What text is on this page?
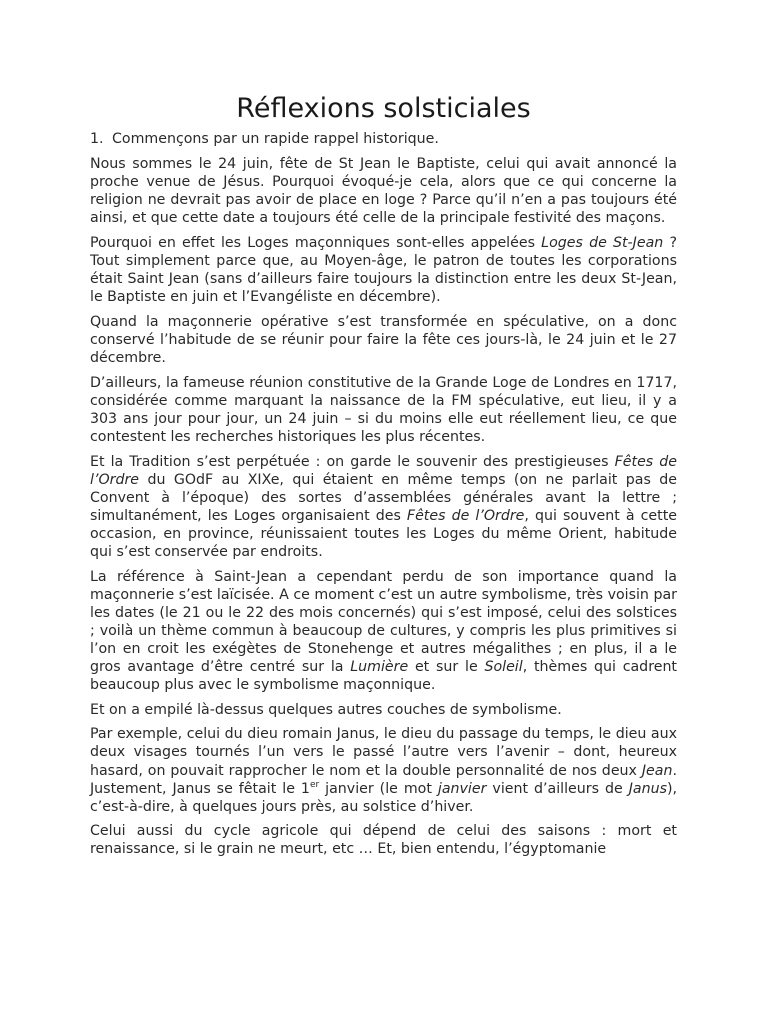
Réflexions solsticiales
1. Commençons par un rapide rappel historique.

Nous sommes le 24 juin, fête de St Jean le Baptiste, celui qui avait annoncé la proche venue de Jésus. Pourquoi évoqué-je cela, alors que ce qui concerne la religion ne devrait pas avoir de place en loge ? Parce qu’il n’en a pas toujours été ainsi, et que cette date a toujours été celle de la principale festivité des maçons.

Pourquoi en effet les Loges maçonniques sont-elles appelées Loges de St-Jean ? Tout simplement parce que, au Moyen-âge, le patron de toutes les corporations était Saint Jean (sans d’ailleurs faire toujours la distinction entre les deux St-Jean, le Baptiste en juin et l’Evangéliste en décembre).

Quand la maçonnerie opérative s’est transformée en spéculative, on a donc conservé l’habitude de se réunir pour faire la fête ces jours-là, le 24 juin et le 27 décembre.

D’ailleurs, la fameuse réunion constitutive de la Grande Loge de Londres en 1717, considérée comme marquant la naissance de la FM spéculative, eut lieu, il y a 303 ans jour pour jour, un 24 juin – si du moins elle eut réellement lieu, ce que contestent les recherches historiques les plus récentes.

Et la Tradition s’est perpétuée : on garde le souvenir des prestigieuses Fêtes de l’Ordre du GOdF au XIXe, qui étaient en même temps (on ne parlait pas de Convent à l’époque) des sortes d’assemblées générales avant la lettre ; simultanément, les Loges organisaient des Fêtes de l’Ordre, qui souvent à cette occasion, en province, réunissaient toutes les Loges du même Orient, habitude qui s’est conservée par endroits.

La référence à Saint-Jean a cependant perdu de son importance quand la maçonnerie s’est laïcisée. A ce moment c’est un autre symbolisme, très voisin par les dates (le 21 ou le 22 des mois concernés) qui s’est imposé, celui des solstices ; voilà un thème commun à beaucoup de cultures, y compris les plus primitives si l’on en croit les exégètes de Stonehenge et autres mégalithes ; en plus, il a le gros avantage d’être centré sur la Lumière et sur le Soleil, thèmes qui cadrent beaucoup plus avec le symbolisme maçonnique.

Et on a empilé là-dessus quelques autres couches de symbolisme.

Par exemple, celui du dieu romain Janus, le dieu du passage du temps, le dieu aux deux visages tournés l’un vers le passé l’autre vers l’avenir – dont, heureux hasard, on pouvait rapprocher le nom et la double personnalité de nos deux Jean. Justement, Janus se fêtait le 1er janvier (le mot janvier vient d’ailleurs de Janus), c’est-à-dire, à quelques jours près, au solstice d’hiver.

Celui aussi du cycle agricole qui dépend de celui des saisons : mort et renaissance, si le grain ne meurt, etc … Et, bien entendu, l’égyptomanie
